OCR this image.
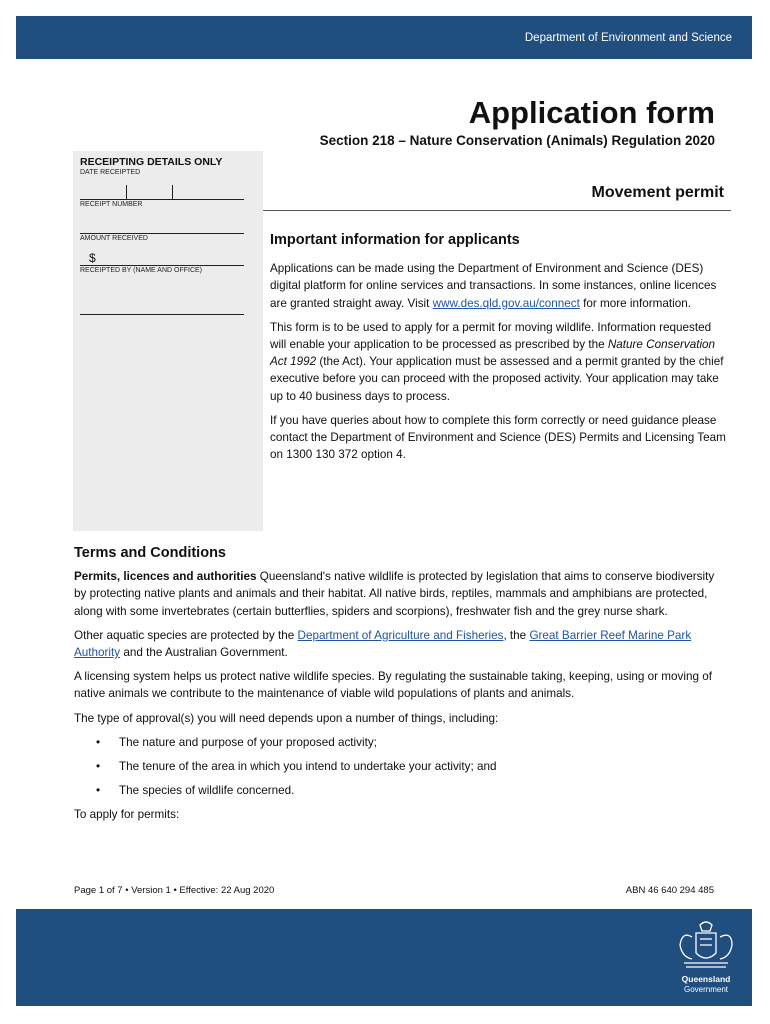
Department of Environment and Science
Application form
Section 218 – Nature Conservation (Animals) Regulation 2020
RECEIPTING DETAILS ONLY
DATE RECEIPTED
RECEIPT NUMBER
AMOUNT RECEIVED
$
RECEIPTED BY (NAME AND OFFICE)
Movement permit
Important information for applicants

Applications can be made using the Department of Environment and Science (DES) digital platform for online services and transactions. In some instances, online licences are granted straight away. Visit www.des.qld.gov.au/connect for more information.

This form is to be used to apply for a permit for moving wildlife. Information requested will enable your application to be processed as prescribed by the Nature Conservation Act 1992 (the Act). Your application must be assessed and a permit granted by the chief executive before you can proceed with the proposed activity. Your application may take up to 40 business days to process.

If you have queries about how to complete this form correctly or need guidance please contact the Department of Environment and Science (DES) Permits and Licensing Team on 1300 130 372 option 4.

Terms and Conditions

Permits, licences and authorities Queensland's native wildlife is protected by legislation that aims to conserve biodiversity by protecting native plants and animals and their habitat. All native birds, reptiles, mammals and amphibians are protected, along with some invertebrates (certain butterflies, spiders and scorpions), freshwater fish and the grey nurse shark.

Other aquatic species are protected by the Department of Agriculture and Fisheries, the Great Barrier Reef Marine Park Authority and the Australian Government.

A licensing system helps us protect native wildlife species. By regulating the sustainable taking, keeping, using or moving of native animals we contribute to the maintenance of viable wild populations of plants and animals.

The type of approval(s) you will need depends upon a number of things, including:

• The nature and purpose of your proposed activity;
• The tenure of the area in which you intend to undertake your activity; and
• The species of wildlife concerned.

To apply for permits:

Page 1 of 7 • Version 1 • Effective: 22 Aug 2020	ABN 46 640 294 485
Queensland
Government
